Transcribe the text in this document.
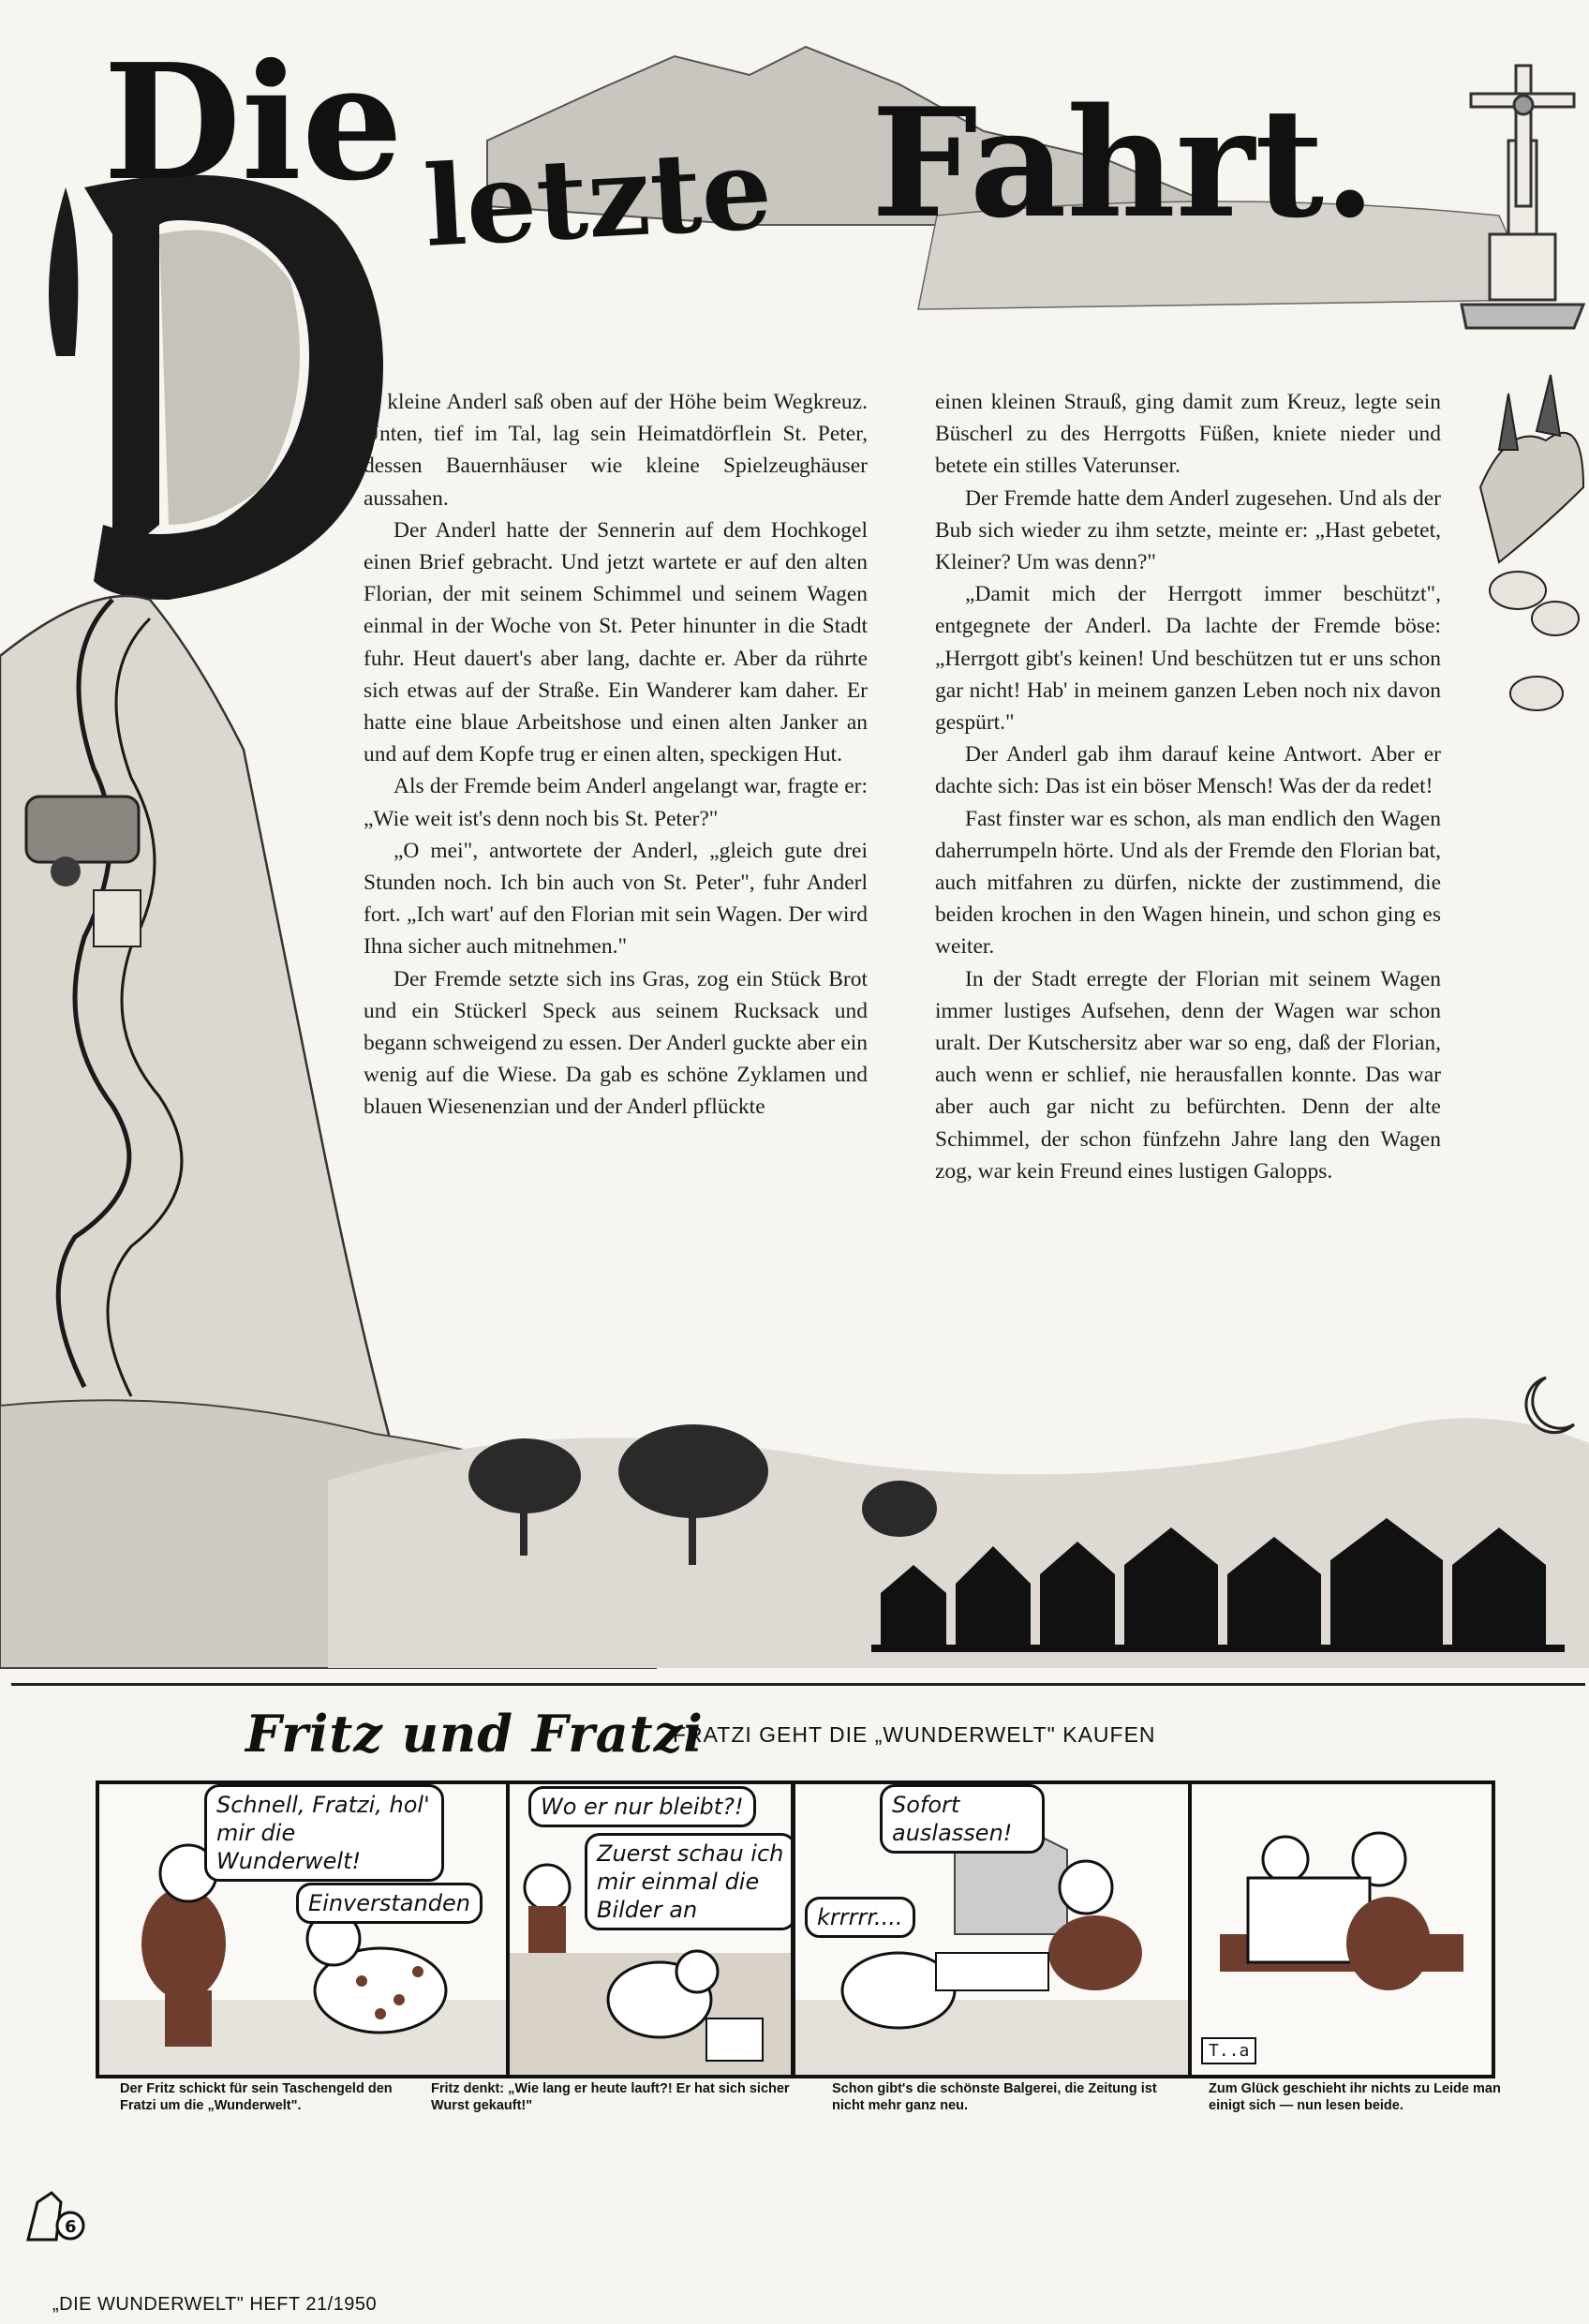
Die letzte Fahrt.

er kleine Anderl saß oben auf der Höhe beim Wegkreuz. Unten, tief im Tal, lag sein Heimatdörflein St. Peter, dessen Bauernhäuser wie kleine Spielzeughäuser aussahen.

Der Anderl hatte der Sennerin auf dem Hochkogel einen Brief gebracht. Und jetzt wartete er auf den alten Florian, der mit seinem Schimmel und seinem Wagen einmal in der Woche von St. Peter hinunter in die Stadt fuhr. Heut dauert's aber lang, dachte er. Aber da rührte sich etwas auf der Straße. Ein Wanderer kam daher. Er hatte eine blaue Arbeitshose und einen alten Janker an und auf dem Kopfe trug er einen alten, speckigen Hut.

Als der Fremde beim Anderl angelangt war, fragte er: „Wie weit ist's denn noch bis St. Peter?"

„O mei", antwortete der Anderl, „gleich gute drei Stunden noch. Ich bin auch von St. Peter", fuhr Anderl fort. „Ich wart' auf den Florian mit sein Wagen. Der wird Ihna sicher auch mitnehmen."

Der Fremde setzte sich ins Gras, zog ein Stück Brot und ein Stückerl Speck aus seinem Rucksack und begann schweigend zu essen. Der Anderl guckte aber ein wenig auf die Wiese. Da gab es schöne Zyklamen und blauen Wiesenenzian und der Anderl pflückte

einen kleinen Strauß, ging damit zum Kreuz, legte sein Büscherl zu des Herrgotts Füßen, kniete nieder und betete ein stilles Vaterunser.

Der Fremde hatte dem Anderl zugesehen. Und als der Bub sich wieder zu ihm setzte, meinte er: „Hast gebetet, Kleiner? Um was denn?"

„Damit mich der Herrgott immer beschützt", entgegnete der Anderl. Da lachte der Fremde böse: „Herrgott gibt's keinen! Und beschützen tut er uns schon gar nicht! Hab' in meinem ganzen Leben noch nix davon gespürt."

Der Anderl gab ihm darauf keine Antwort. Aber er dachte sich: Das ist ein böser Mensch! Was der da redet!

Fast finster war es schon, als man endlich den Wagen daherrumpeln hörte. Und als der Fremde den Florian bat, auch mitfahren zu dürfen, nickte der zustimmend, die beiden krochen in den Wagen hinein, und schon ging es weiter.

In der Stadt erregte der Florian mit seinem Wagen immer lustiges Aufsehen, denn der Wagen war schon uralt. Der Kutschersitz aber war so eng, daß der Florian, auch wenn er schlief, nie herausfallen konnte. Das war aber auch gar nicht zu befürchten. Denn der alte Schimmel, der schon fünfzehn Jahre lang den Wagen zog, war kein Freund eines lustigen Galopps.

Fritz und Fratzi
FRATZI GEHT DIE „WUNDERWELT" KAUFEN
Schnell, Fratzi, hol' mir die Wunderwelt!
Einverstanden
Wo er nur bleibt?!
Zuerst schau ich mir einmal die Bilder an
Sofort auslassen!
krrrrr....
T..a
Der Fritz schickt für sein Taschengeld den Fratzi um die „Wunderwelt".
Fritz denkt: „Wie lang er heute lauft?! Er hat sich sicher Wurst gekauft!"
Schon gibt's die schönste Balgerei, die Zeitung ist nicht mehr ganz neu.
Zum Glück geschieht ihr nichts zu Leide man einigt sich — nun lesen beide.
6
„DIE WUNDERWELT" HEFT 21/1950
